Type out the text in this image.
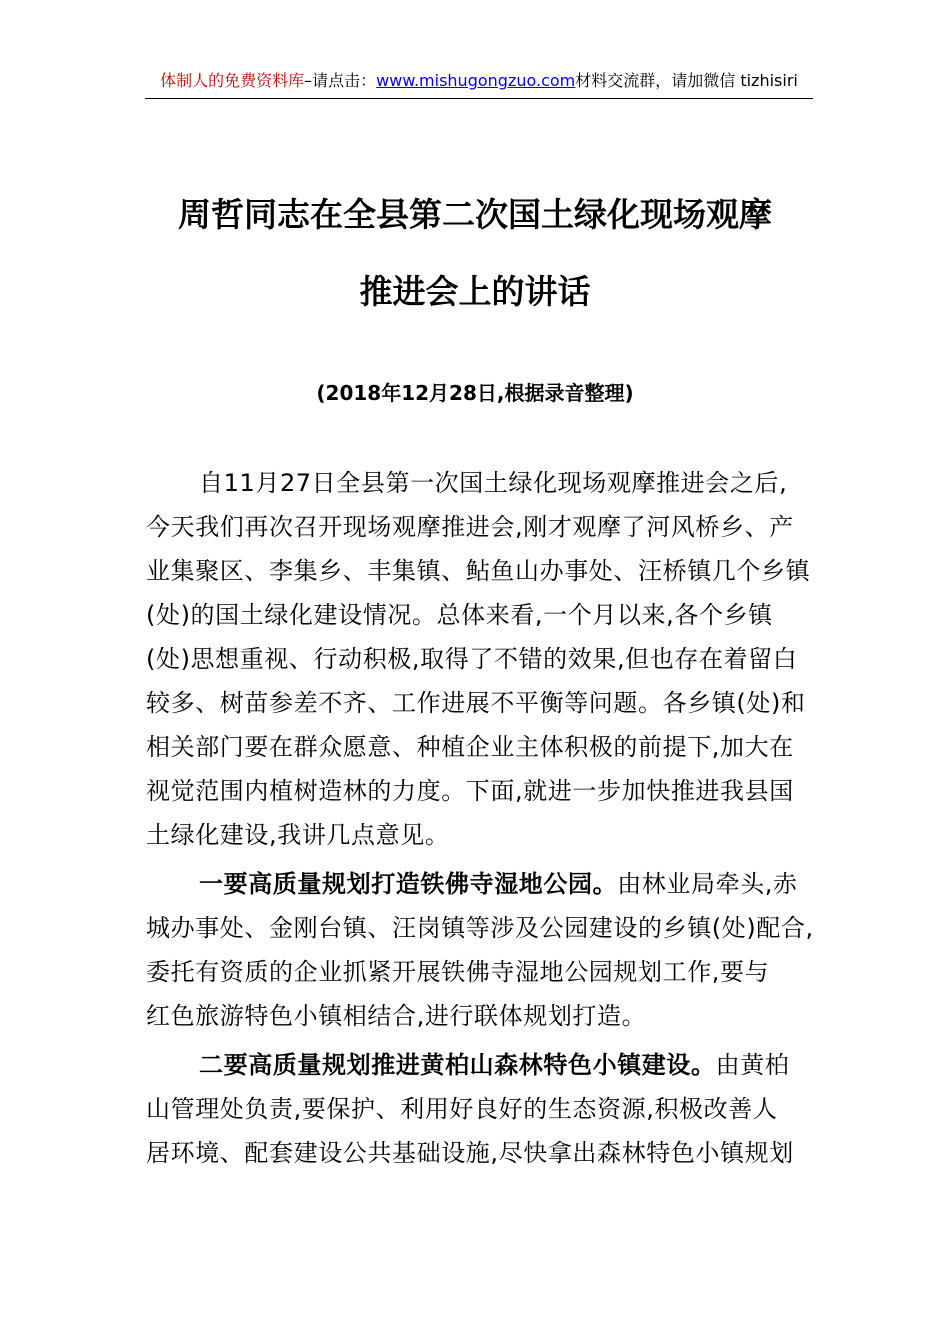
体制人的免费资料库–请点击：www.mishugongzuo.com材料交流群，请加微信 tizhisiri
周哲同志在全县第二次国土绿化现场观摩
推进会上的讲话
(2018年12月28日,根据录音整理)
自11月27日全县第一次国土绿化现场观摩推进会之后,
今天我们再次召开现场观摩推进会,刚才观摩了河风桥乡、产
业集聚区、李集乡、丰集镇、鲇鱼山办事处、汪桥镇几个乡镇
(处)的国土绿化建设情况。总体来看,一个月以来,各个乡镇
(处)思想重视、行动积极,取得了不错的效果,但也存在着留白
较多、树苗参差不齐、工作进展不平衡等问题。各乡镇(处)和
相关部门要在群众愿意、种植企业主体积极的前提下,加大在
视觉范围内植树造林的力度。下面,就进一步加快推进我县国
土绿化建设,我讲几点意见。
一要高质量规划打造铁佛寺湿地公园。由林业局牵头,赤
城办事处、金刚台镇、汪岗镇等涉及公园建设的乡镇(处)配合,
委托有资质的企业抓紧开展铁佛寺湿地公园规划工作,要与
红色旅游特色小镇相结合,进行联体规划打造。
二要高质量规划推进黄柏山森林特色小镇建设。由黄柏
山管理处负责,要保护、利用好良好的生态资源,积极改善人
居环境、配套建设公共基础设施,尽快拿出森林特色小镇规划
